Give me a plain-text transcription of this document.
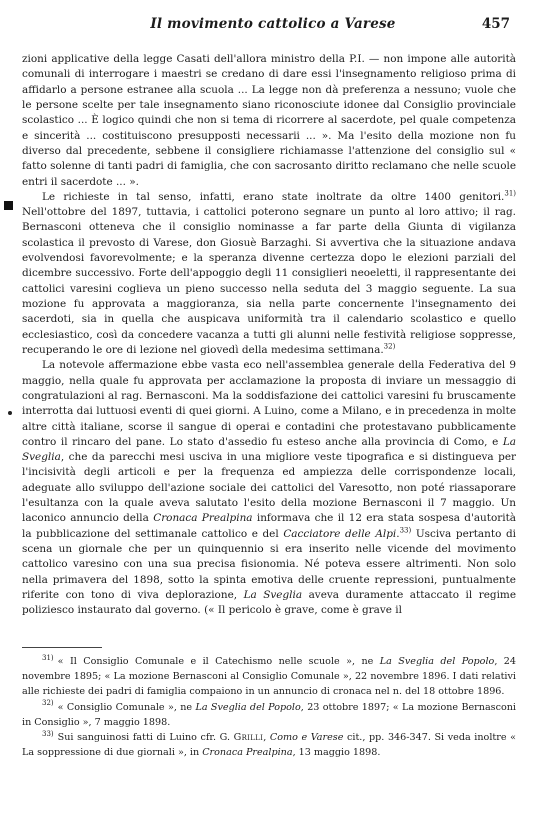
Il movimento cattolico a Varese	457

zioni applicative della legge Casati dell'allora ministro della P.I. — non impone alle autorità comunali di interrogare i maestri se credano di dare essi l'insegnamento religioso prima di affidarlo a persone estranee alla scuola ... La legge non dà preferenza a nessuno; vuole che le persone scelte per tale insegnamento siano riconosciute idonee dal Consiglio provinciale scolastico ... È logico quindi che non si tema di ricorrere al sacerdote, pel quale competenza e sincerità ... costituiscono presupposti necessarii ... ». Ma l'esito della mozione non fu diverso dal precedente, sebbene il consigliere richiamasse l'attenzione del consiglio sul « fatto solenne di tanti padri di famiglia, che con sacrosanto diritto reclamano che nelle scuole entri il sacerdote ... ».

Le richieste in tal senso, infatti, erano state inoltrate da oltre 1400 genitori.$^{31)}$ Nell'ottobre del 1897, tuttavia, i cattolici poterono segnare un punto al loro attivo; il rag. Bernasconi otteneva che il consiglio nominasse a far parte della Giunta di vigilanza scolastica il prevosto di Varese, don Giosuè Barzaghi. Si avvertiva che la situazione andava evolvendosi favorevolmente; e la speranza divenne certezza dopo le elezioni parziali del dicembre successivo. Forte dell'appoggio degli 11 consiglieri neoeletti, il rappresentante dei cattolici varesini coglieva un pieno successo nella seduta del 3 maggio seguente. La sua mozione fu approvata a maggioranza, sia nella parte concernente l'insegnamento dei sacerdoti, sia in quella che auspicava uniformità tra il calendario scolastico e quello ecclesiastico, così da concedere vacanza a tutti gli alunni nelle festività religiose soppresse, recuperando le ore di lezione nel giovedì della medesima settimana.$^{32)}$

La notevole affermazione ebbe vasta eco nell'assemblea generale della Federativa del 9 maggio, nella quale fu approvata per acclamazione la proposta di inviare un messaggio di congratulazioni al rag. Bernasconi. Ma la soddisfazione dei cattolici varesini fu bruscamente interrotta dai luttuosi eventi di quei giorni. A Luino, come a Milano, e in precedenza in molte altre città italiane, scorse il sangue di operai e contadini che protestavano pubblicamente contro il rincaro del pane. Lo stato d'assedio fu esteso anche alla provincia di Como, e La Sveglia, che da parecchi mesi usciva in una migliore veste tipografica e si distingueva per l'incisività degli articoli e per la frequenza ed ampiezza delle corrispondenze locali, adeguate allo sviluppo dell'azione sociale dei cattolici del Varesotto, non poté riassaporare l'esultanza con la quale aveva salutato l'esito della mozione Bernasconi il 7 maggio. Un laconico annuncio della Cronaca Prealpina informava che il 12 era stata sospesa d'autorità la pubblicazione del settimanale cattolico e del Cacciatore delle Alpi.$^{33)}$ Usciva pertanto di scena un giornale che per un quinquennio si era inserito nelle vicende del movimento cattolico varesino con una sua precisa fisionomia. Né poteva essere altrimenti. Non solo nella primavera del 1898, sotto la spinta emotiva delle cruente repressioni, puntualmente riferite con tono di viva deplorazione, La Sveglia aveva duramente attaccato il regime poliziesco instaurato dal governo. (« Il pericolo è grave, come è grave il

$^{31)}$ « Il Consiglio Comunale e il Catechismo nelle scuole », ne La Sveglia del Popolo, 24 novembre 1895; « La mozione Bernasconi al Consiglio Comunale », 22 novembre 1896. I dati relativi alle richieste dei padri di famiglia compaiono in un annuncio di cronaca nel n. del 18 ottobre 1896.

$^{32)}$ « Consiglio Comunale », ne La Sveglia del Popolo, 23 ottobre 1897; « La mozione Bernasconi in Consiglio », 7 maggio 1898.

$^{33)}$ Sui sanguinosi fatti di Luino cfr. G. Grilli, Como e Varese cit., pp. 346-347. Si veda inoltre « La soppressione di due giornali », in Cronaca Prealpina, 13 maggio 1898.
